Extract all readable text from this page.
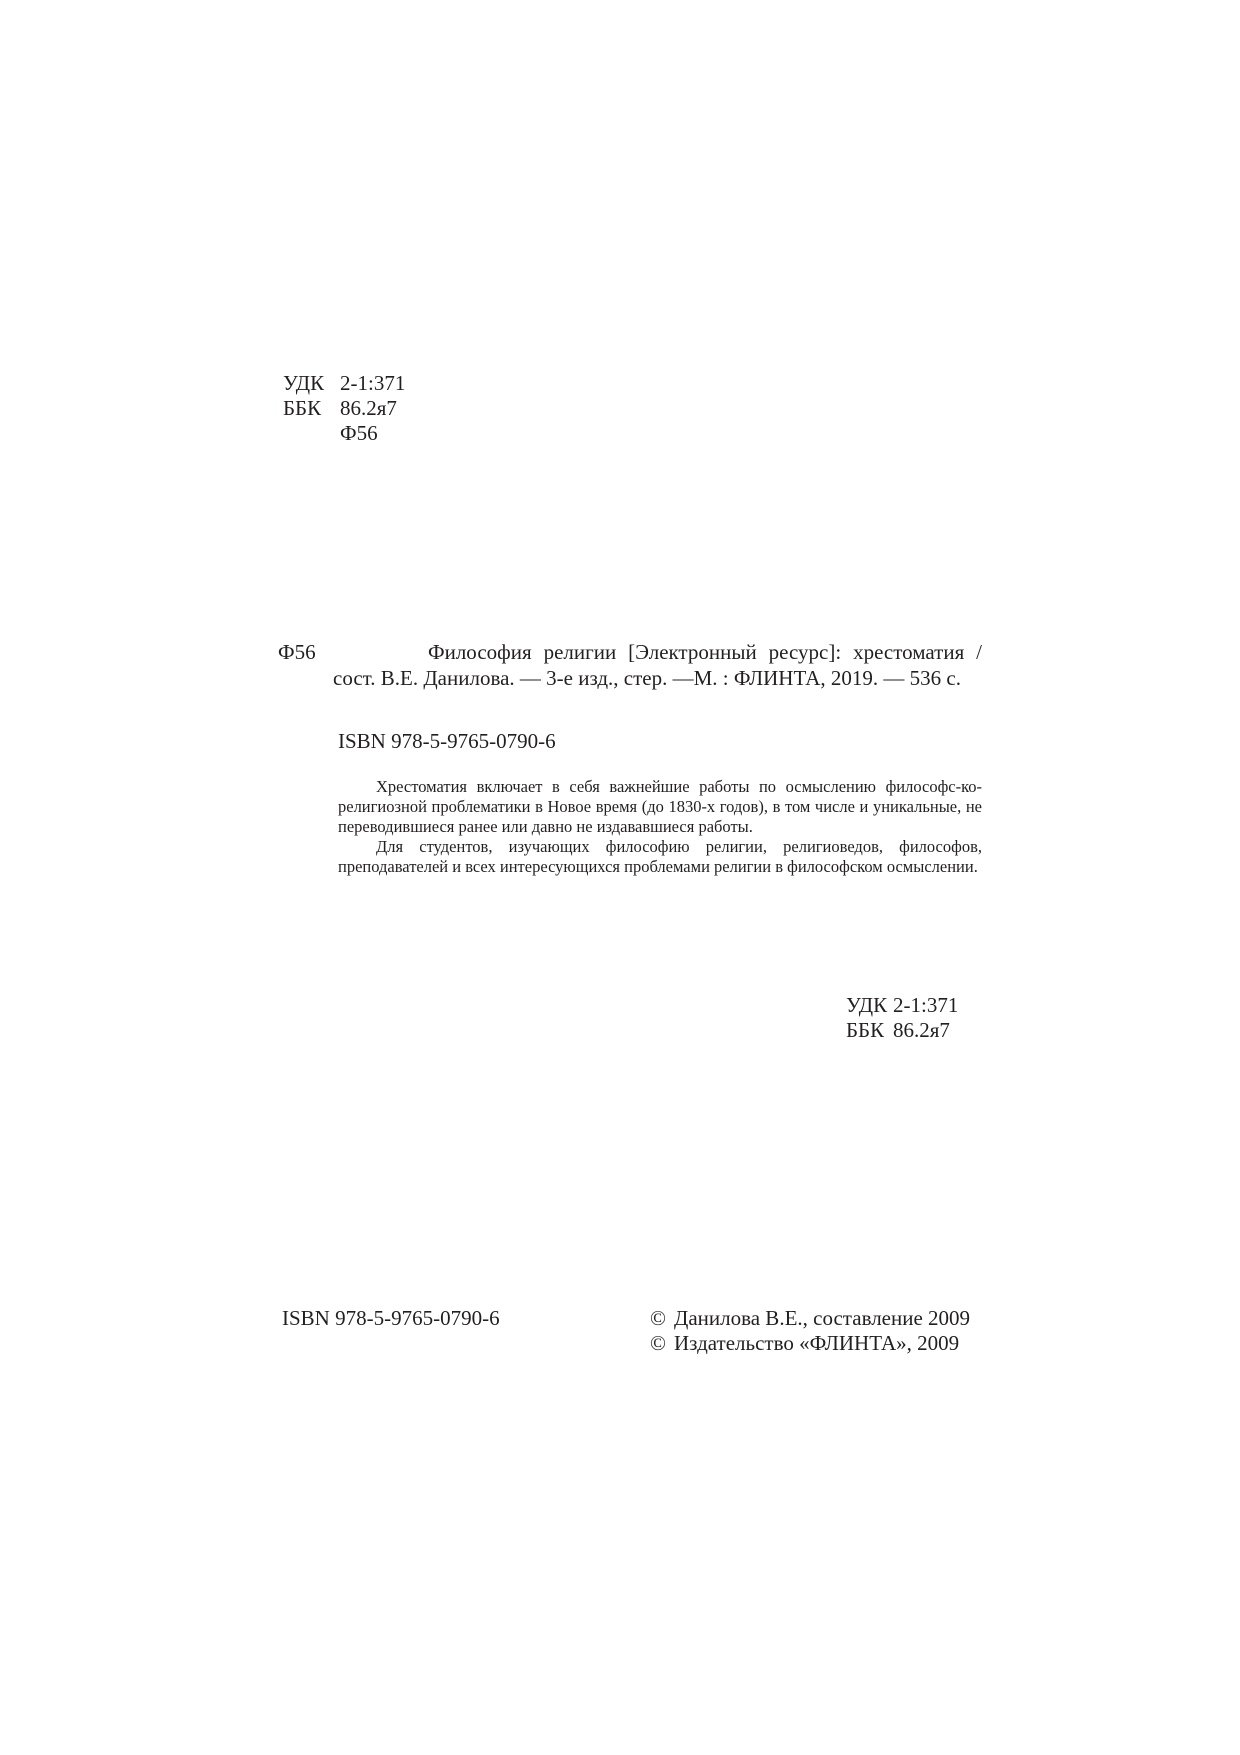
УДК 2-1:371
ББК 86.2я7
Ф56
Ф56	Философия религии [Электронный ресурс]: хрестоматия /
сост. В.Е. Данилова. — 3-е изд., стер. —М. : ФЛИНТА, 2019. — 536 с.
ISBN 978-5-9765-0790-6

Хрестоматия включает в себя важнейшие работы по осмыслению философс-ко-религиозной проблематики в Новое время (до 1830-х годов), в том числе и уникальные, не переводившиеся ранее или давно не издававшиеся работы.

Для студентов, изучающих философию религии, религиоведов, философов, преподавателей и всех интересующихся проблемами религии в философском осмыслении.

УДК 2-1:371
ББК 86.2я7
ISBN 978-5-9765-0790-6	© Данилова В.Е., составление 2009
© Издательство «ФЛИНТА», 2009
